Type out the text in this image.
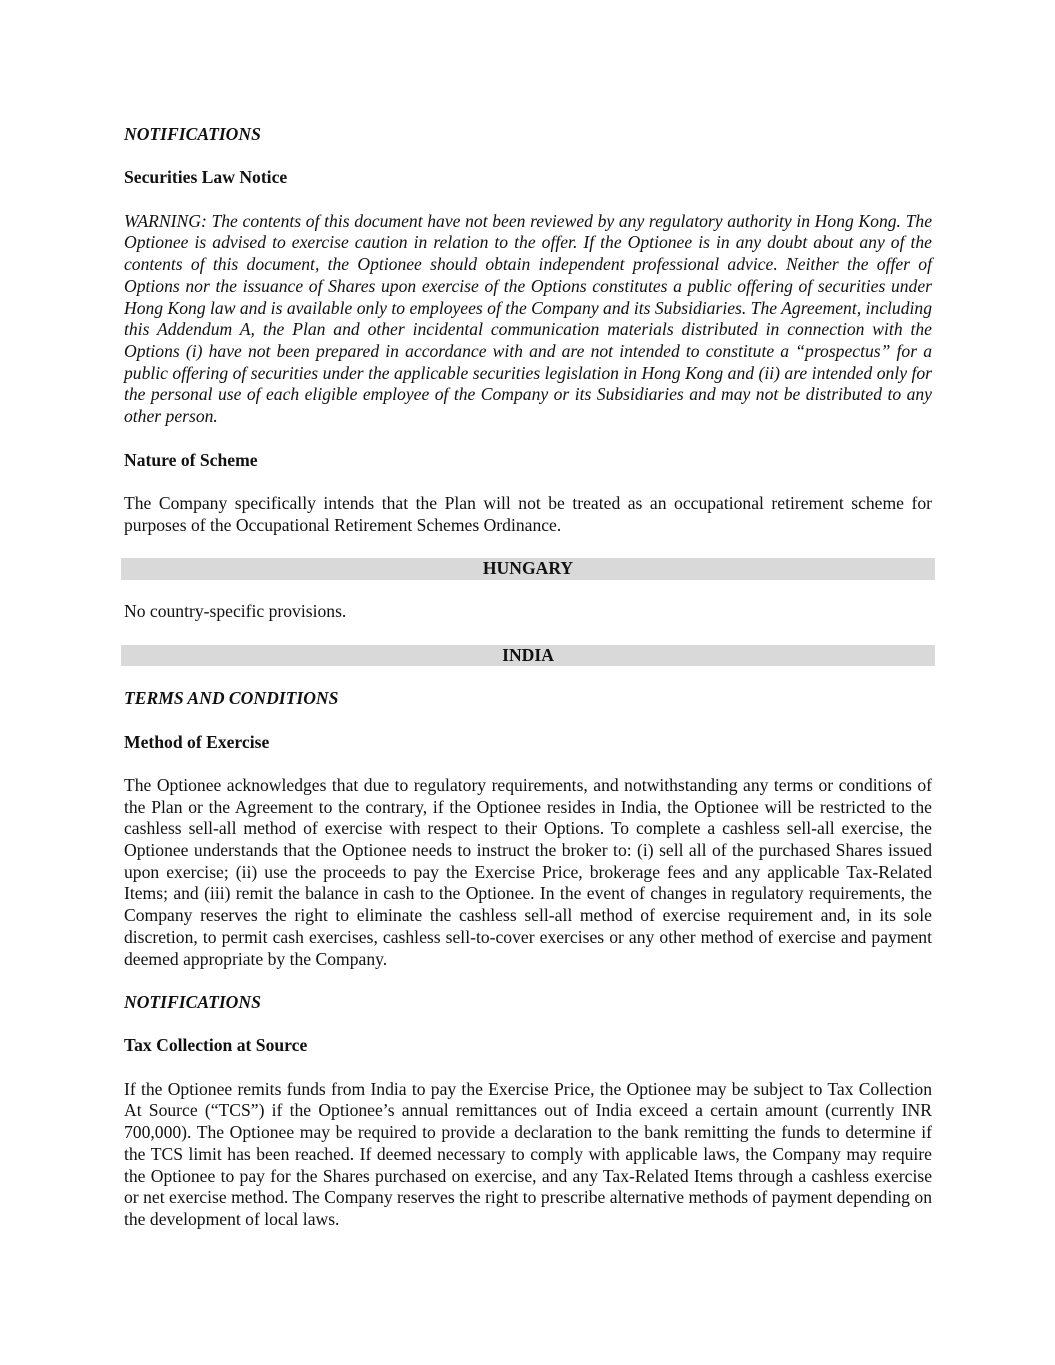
NOTIFICATIONS
Securities Law Notice
WARNING: The contents of this document have not been reviewed by any regulatory authority in Hong Kong. The Optionee is advised to exercise caution in relation to the offer. If the Optionee is in any doubt about any of the contents of this document, the Optionee should obtain independent professional advice. Neither the offer of Options nor the issuance of Shares upon exercise of the Options constitutes a public offering of securities under Hong Kong law and is available only to employees of the Company and its Subsidiaries. The Agreement, including this Addendum A, the Plan and other incidental communication materials distributed in connection with the Options (i) have not been prepared in accordance with and are not intended to constitute a “prospectus” for a public offering of securities under the applicable securities legislation in Hong Kong and (ii) are intended only for the personal use of each eligible employee of the Company or its Subsidiaries and may not be distributed to any other person.
Nature of Scheme
The Company specifically intends that the Plan will not be treated as an occupational retirement scheme for purposes of the Occupational Retirement Schemes Ordinance.
HUNGARY
No country-specific provisions.
INDIA
TERMS AND CONDITIONS
Method of Exercise
The Optionee acknowledges that due to regulatory requirements, and notwithstanding any terms or conditions of the Plan or the Agreement to the contrary, if the Optionee resides in India, the Optionee will be restricted to the cashless sell-all method of exercise with respect to their Options. To complete a cashless sell-all exercise, the Optionee understands that the Optionee needs to instruct the broker to: (i) sell all of the purchased Shares issued upon exercise; (ii) use the proceeds to pay the Exercise Price, brokerage fees and any applicable Tax-Related Items; and (iii) remit the balance in cash to the Optionee. In the event of changes in regulatory requirements, the Company reserves the right to eliminate the cashless sell-all method of exercise requirement and, in its sole discretion, to permit cash exercises, cashless sell-to-cover exercises or any other method of exercise and payment deemed appropriate by the Company.
NOTIFICATIONS
Tax Collection at Source
If the Optionee remits funds from India to pay the Exercise Price, the Optionee may be subject to Tax Collection At Source (“TCS”) if the Optionee’s annual remittances out of India exceed a certain amount (currently INR 700,000). The Optionee may be required to provide a declaration to the bank remitting the funds to determine if the TCS limit has been reached. If deemed necessary to comply with applicable laws, the Company may require the Optionee to pay for the Shares purchased on exercise, and any Tax-Related Items through a cashless exercise or net exercise method. The Company reserves the right to prescribe alternative methods of payment depending on the development of local laws.
